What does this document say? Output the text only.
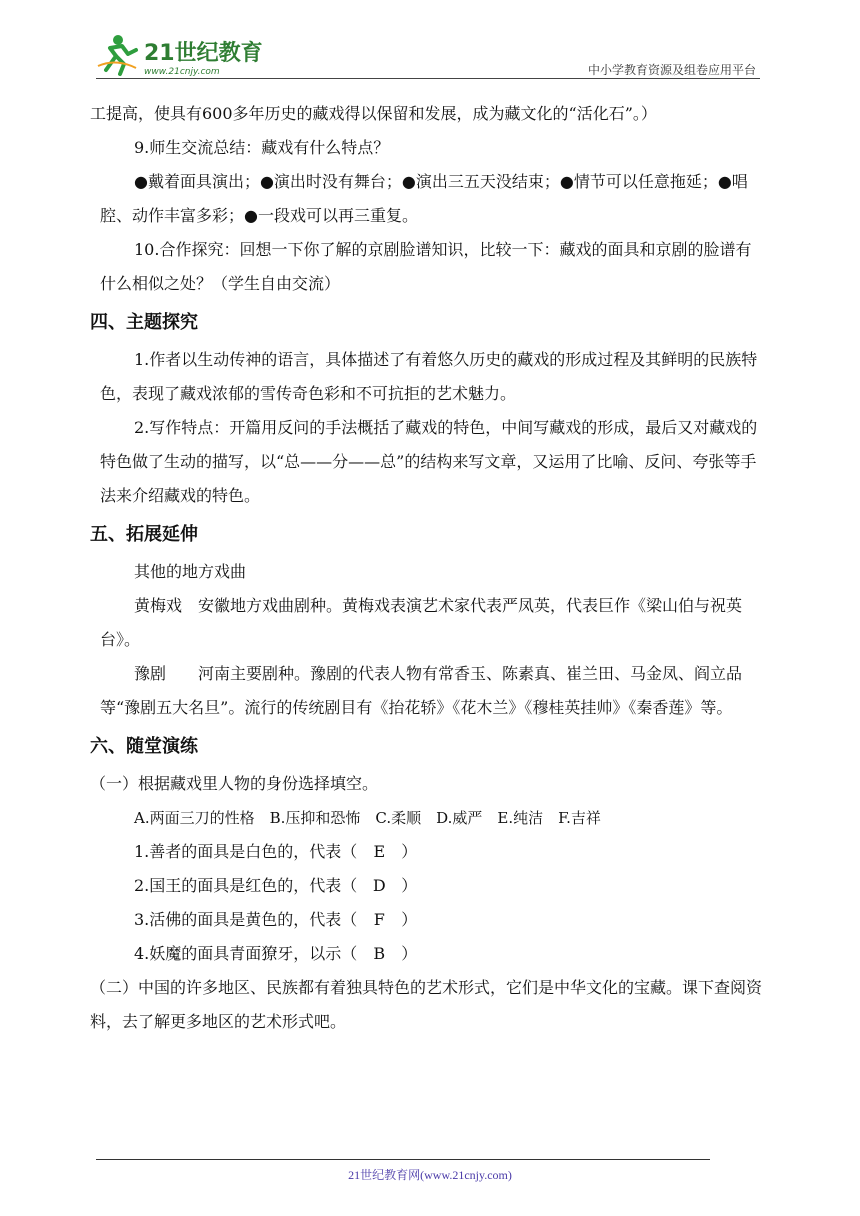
21世纪教育
www.21cnjy.com	中小学教育资源及组卷应用平台

工提高，使具有600多年历史的藏戏得以保留和发展，成为藏文化的“活化石”。）

9.师生交流总结：藏戏有什么特点？

●戴着面具演出；●演出时没有舞台；●演出三五天没结束；●情节可以任意拖延；●唱腔、动作丰富多彩；●一段戏可以再三重复。

10.合作探究：回想一下你了解的京剧脸谱知识，比较一下：藏戏的面具和京剧的脸谱有什么相似之处？（学生自由交流）

四、主题探究

1.作者以生动传神的语言，具体描述了有着悠久历史的藏戏的形成过程及其鲜明的民族特色，表现了藏戏浓郁的雪传奇色彩和不可抗拒的艺术魅力。

2.写作特点：开篇用反问的手法概括了藏戏的特色，中间写藏戏的形成，最后又对藏戏的特色做了生动的描写，以“总——分——总”的结构来写文章，又运用了比喻、反问、夸张等手法来介绍藏戏的特色。

五、拓展延伸

其他的地方戏曲

黄梅戏　安徽地方戏曲剧种。黄梅戏表演艺术家代表严凤英，代表巨作《梁山伯与祝英台》。

豫剧　　河南主要剧种。豫剧的代表人物有常香玉、陈素真、崔兰田、马金凤、阎立品等“豫剧五大名旦”。流行的传统剧目有《抬花轿》《花木兰》《穆桂英挂帅》《秦香莲》等。

六、随堂演练

（一）根据藏戏里人物的身份选择填空。

A.两面三刀的性格　B.压抑和恐怖　C.柔顺　D.威严　E.纯洁　F.吉祥

1.善者的面具是白色的，代表（ E ）

2.国王的面具是红色的，代表（ D ）

3.活佛的面具是黄色的，代表（ F ）

4.妖魔的面具青面獠牙，以示（ B ）

（二）中国的许多地区、民族都有着独具特色的艺术形式，它们是中华文化的宝藏。课下查阅资料，去了解更多地区的艺术形式吧。

21世纪教育网(www.21cnjy.com)
